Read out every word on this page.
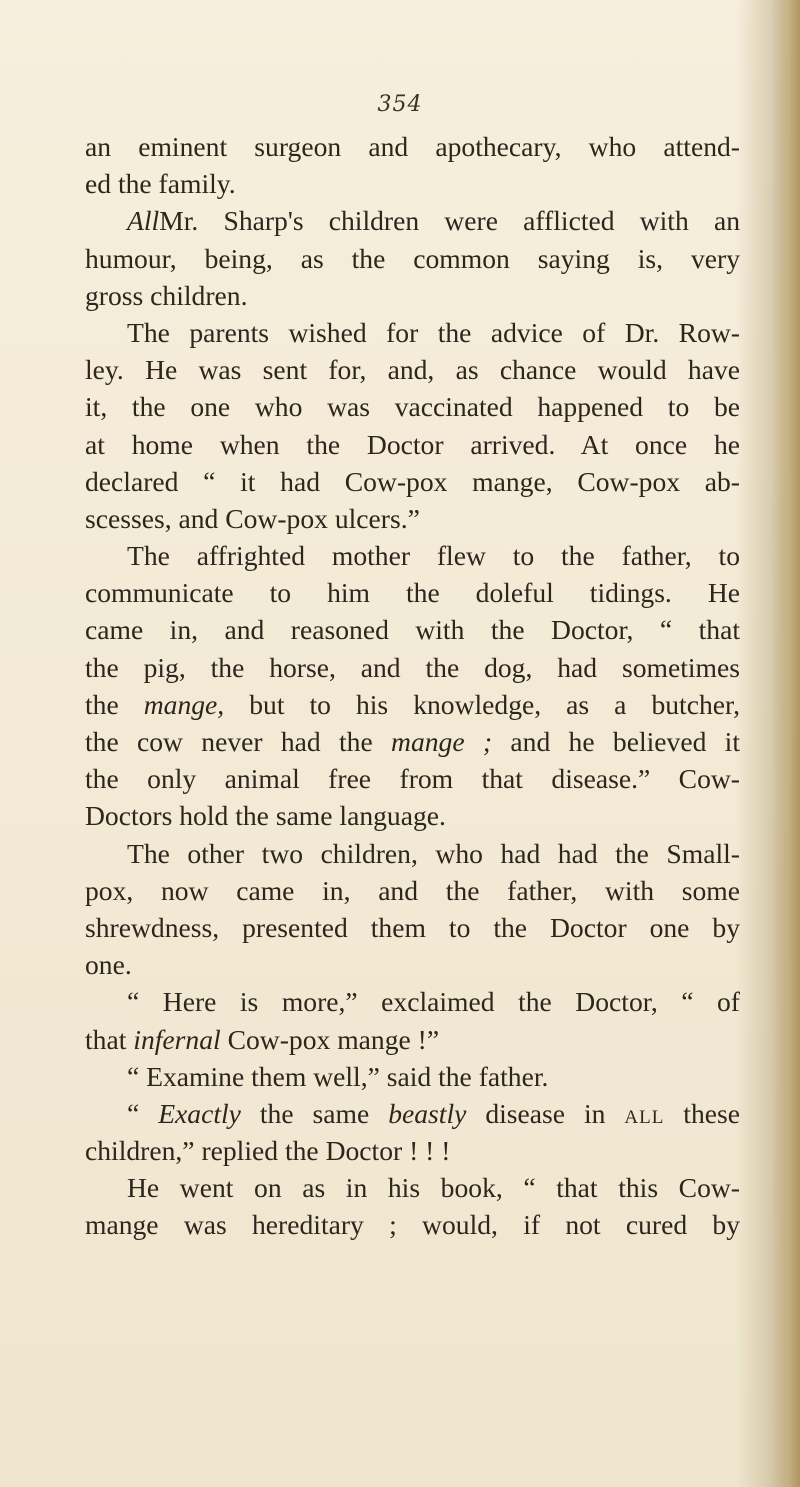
354
an eminent surgeon and apothecary, who attend-
ed the family.
AllMr. Sharp's children were afflicted with an
humour, being, as the common saying is, very
gross children.
The parents wished for the advice of Dr. Row-
ley. He was sent for, and, as chance would have
it, the one who was vaccinated happened to be
at home when the Doctor arrived. At once he
declared “ it had Cow-pox mange, Cow-pox ab-
scesses, and Cow-pox ulcers.”
The affrighted mother flew to the father, to
communicate to him the doleful tidings. He
came in, and reasoned with the Doctor, “ that
the pig, the horse, and the dog, had sometimes
the mange, but to his knowledge, as a butcher,
the cow never had the mange ; and he believed it
the only animal free from that disease.” Cow-
Doctors hold the same language.
The other two children, who had had the Small-
pox, now came in, and the father, with some
shrewdness, presented them to the Doctor one by
one.
“ Here is more,” exclaimed the Doctor, “ of
that infernal Cow-pox mange !”
“ Examine them well,” said the father.
“ Exactly the same beastly disease in all these
children,” replied the Doctor ! ! !
He went on as in his book, “ that this Cow-
mange was hereditary ; would, if not cured by
